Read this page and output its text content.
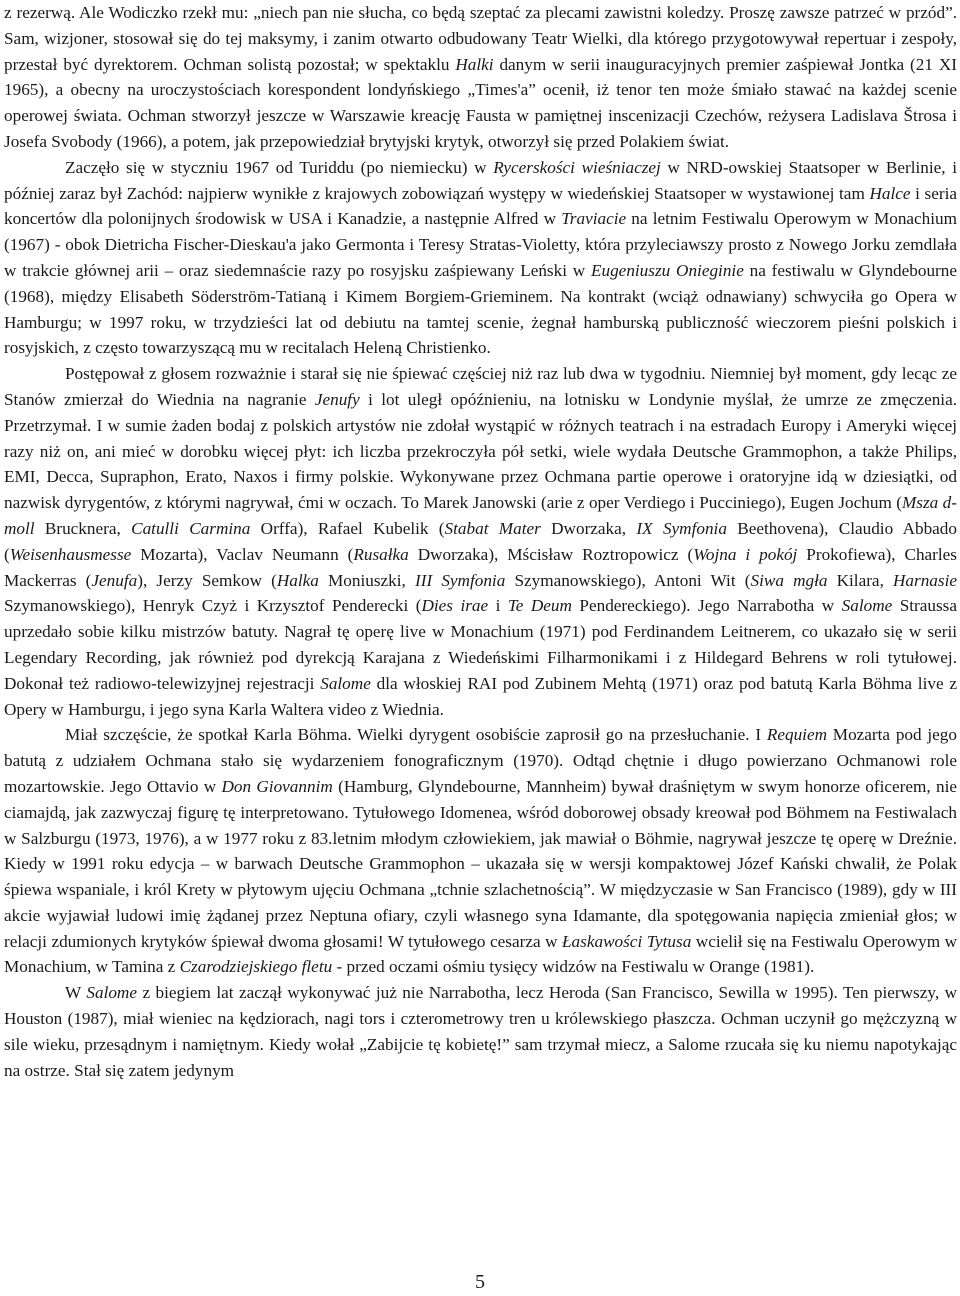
z rezerwą. Ale Wodiczko rzekł mu: „niech pan nie słucha, co będą szeptać za plecami zawistni koledzy. Proszę zawsze patrzeć w przód”. Sam, wizjoner, stosował się do tej maksymy, i zanim otwarto odbudowany Teatr Wielki, dla którego przygotowywał repertuar i zespoły, przestał być dyrektorem. Ochman solistą pozostał; w spektaklu Halki danym w serii inauguracyjnych premier zaśpiewał Jontka (21 XI 1965), a obecny na uroczystościach korespondent londyńskiego „Times'a” ocenił, iż tenor ten może śmiało stawać na każdej scenie operowej świata. Ochman stworzył jeszcze w Warszawie kreację Fausta w pamiętnej inscenizacji Czechów, reżysera Ladislava Štrosa i Josefa Svobody (1966), a potem, jak przepowiedział brytyjski krytyk, otworzył się przed Polakiem świat.

Zaczęło się w styczniu 1967 od Turiddu (po niemiecku) w Rycerskości wieśniaczej w NRD-owskiej Staatsoper w Berlinie, i później zaraz był Zachód: najpierw wynikłe z krajowych zobowiązań występy w wiedeńskiej Staatsoper w wystawionej tam Halce i seria koncertów dla polonijnych środowisk w USA i Kanadzie, a następnie Alfred w Traviacie na letnim Festiwalu Operowym w Monachium (1967) - obok Dietricha Fischer-Dieskau'a jako Germonta i Teresy Stratas-Violetty, która przyleciawszy prosto z Nowego Jorku zemdlała w trakcie głównej arii – oraz siedemnaście razy po rosyjsku zaśpiewany Leński w Eugeniuszu Onieginie na festiwalu w Glyndebourne (1968), między Elisabeth Söderström-Tatianą i Kimem Borgiem-Grieminem. Na kontrakt (wciąż odnawiany) schwyciła go Opera w Hamburgu; w 1997 roku, w trzydzieści lat od debiutu na tamtej scenie, żegnał hamburską publiczność wieczorem pieśni polskich i rosyjskich, z często towarzyszącą mu w recitalach Heleną Christienko.

Postępował z głosem rozważnie i starał się nie śpiewać częściej niż raz lub dwa w tygodniu. Niemniej był moment, gdy lecąc ze Stanów zmierzał do Wiednia na nagranie Jenufy i lot uległ opóźnieniu, na lotnisku w Londynie myślał, że umrze ze zmęczenia. Przetrzymał. I w sumie żaden bodaj z polskich artystów nie zdołał wystąpić w różnych teatrach i na estradach Europy i Ameryki więcej razy niż on, ani mieć w dorobku więcej płyt: ich liczba przekroczyła pół setki, wiele wydała Deutsche Grammophon, a także Philips, EMI, Decca, Supraphon, Erato, Naxos i firmy polskie. Wykonywane przez Ochmana partie operowe i oratoryjne idą w dziesiątki, od nazwisk dyrygentów, z którymi nagrywał, ćmi w oczach. To Marek Janowski (arie z oper Verdiego i Pucciniego), Eugen Jochum (Msza d-moll Brucknera, Catulli Carmina Orffa), Rafael Kubelik (Stabat Mater Dworzaka, IX Symfonia Beethovena), Claudio Abbado (Weisenhausmesse Mozarta), Vaclav Neumann (Rusałka Dworzaka), Mścisław Roztropowicz (Wojna i pokój Prokofiewa), Charles Mackerras (Jenufa), Jerzy Semkow (Halka Moniuszki, III Symfonia Szymanowskiego), Antoni Wit (Siwa mgła Kilara, Harnasie Szymanowskiego), Henryk Czyż i Krzysztof Penderecki (Dies irae i Te Deum Pendereckiego). Jego Narrabotha w Salome Straussa uprzedało sobie kilku mistrzów batuty. Nagrał tę operę live w Monachium (1971) pod Ferdinandem Leitnerem, co ukazało się w serii Legendary Recording, jak również pod dyrekcją Karajana z Wiedeńskimi Filharmonikami i z Hildegard Behrens w roli tytułowej. Dokonał też radiowo-telewizyjnej rejestracji Salome dla włoskiej RAI pod Zubinem Mehtą (1971) oraz pod batutą Karla Böhma live z Opery w Hamburgu, i jego syna Karla Waltera video z Wiednia.

Miał szczęście, że spotkał Karla Böhma. Wielki dyrygent osobiście zaprosił go na przesłuchanie. I Requiem Mozarta pod jego batutą z udziałem Ochmana stało się wydarzeniem fonograficznym (1970). Odtąd chętnie i długo powierzano Ochmanowi role mozartowskie. Jego Ottavio w Don Giovannim (Hamburg, Glyndebourne, Mannheim) bywał draśniętym w swym honorze oficerem, nie ciamajdą, jak zazwyczaj figurę tę interpretowano. Tytułowego Idomenea, wśród doborowej obsady kreował pod Böhmem na Festiwalach w Salzburgu (1973, 1976), a w 1977 roku z 83.letnim młodym człowiekiem, jak mawiał o Böhmie, nagrywał jeszcze tę operę w Dreźnie. Kiedy w 1991 roku edycja – w barwach Deutsche Grammophon – ukazała się w wersji kompaktowej Józef Kański chwalił, że Polak śpiewa wspaniale, i król Krety w płytowym ujęciu Ochmana „tchnie szlachetnością”. W międzyczasie w San Francisco (1989), gdy w III akcie wyjawiał ludowi imię żądanej przez Neptuna ofiary, czyli własnego syna Idamante, dla spotęgowania napięcia zmieniał głos; w relacji zdumionych krytyków śpiewał dwoma głosami! W tytułowego cesarza w Łaskawości Tytusa wcielił się na Festiwalu Operowym w Monachium, w Tamina z Czarodziejskiego fletu - przed oczami ośmiu tysięcy widzów na Festiwalu w Orange (1981).

W Salome z biegiem lat zaczął wykonywać już nie Narrabotha, lecz Heroda (San Francisco, Sewilla w 1995). Ten pierwszy, w Houston (1987), miał wieniec na kędziorach, nagi tors i czterometrowy tren u królewskiego płaszcza. Ochman uczynił go mężczyzną w sile wieku, przesądnym i namiętnym. Kiedy wołał „Zabijcie tę kobietę!” sam trzymał miecz, a Salome rzucała się ku niemu napotykając na ostrze. Stał się zatem jedynym

5
